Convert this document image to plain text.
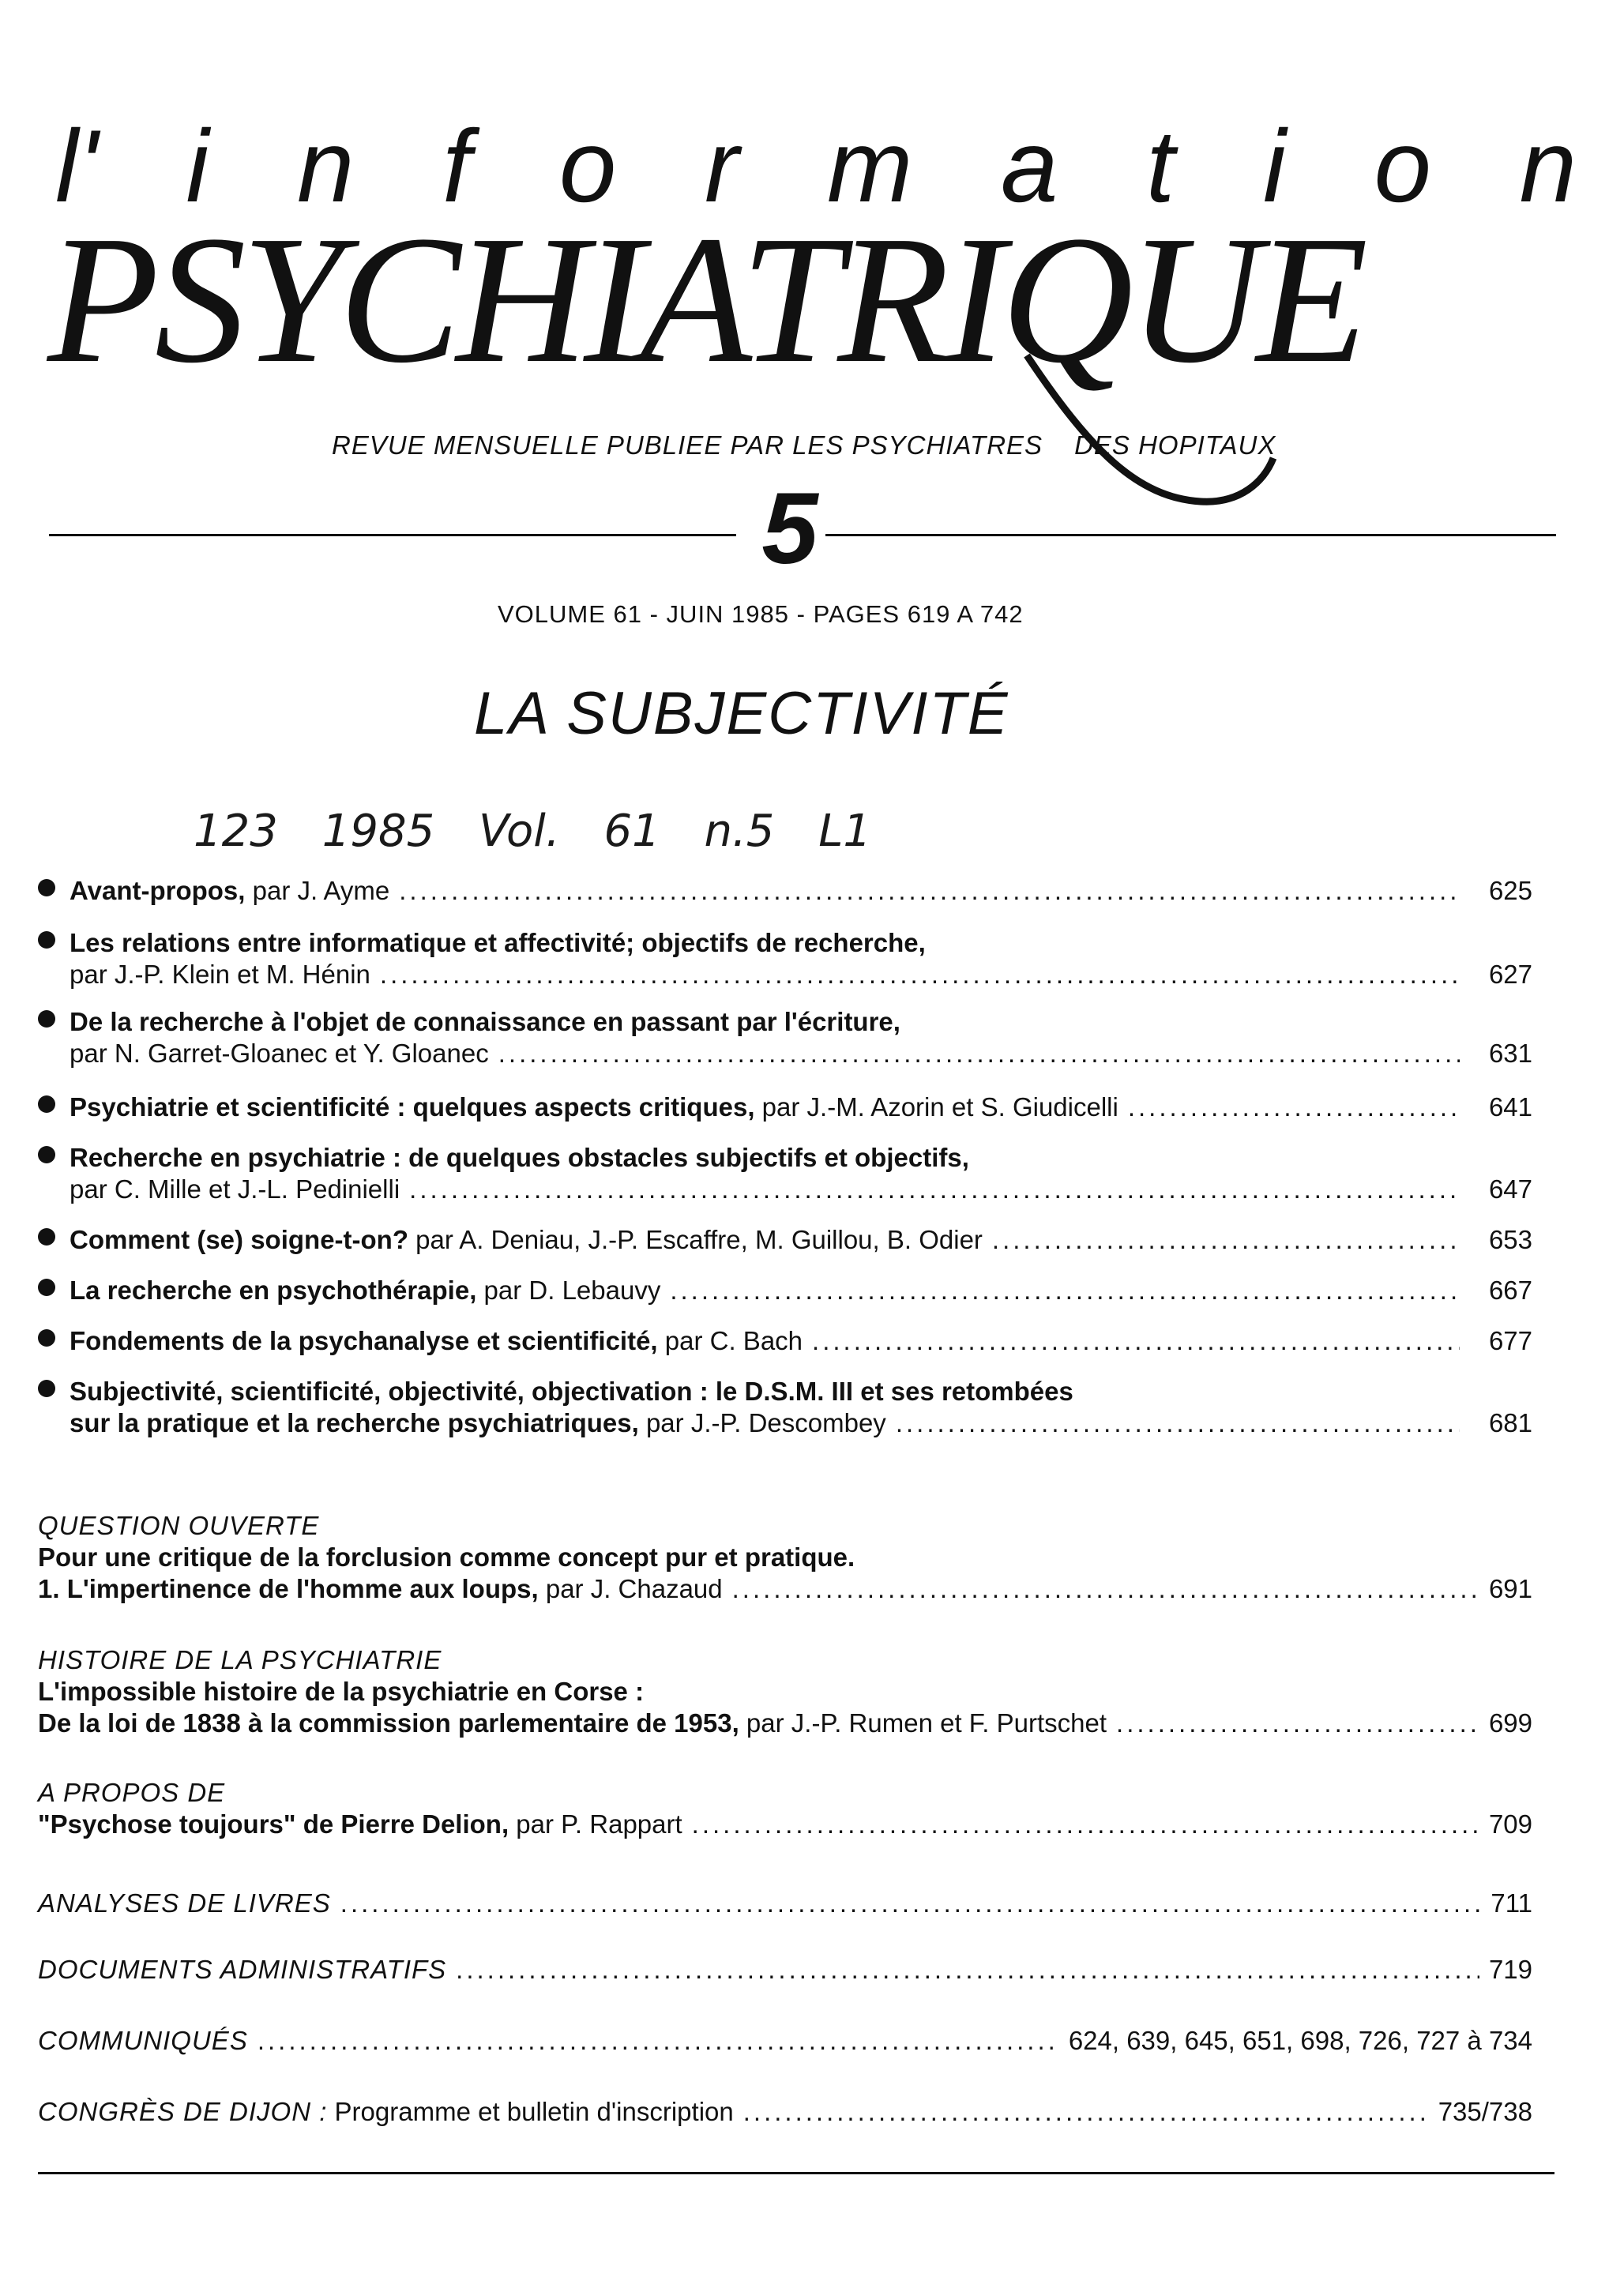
l' i n f o r m a t i o n
PSYCHIATRIQUE
REVUE MENSUELLE PUBLIEE PAR LES PSYCHIATRES DES HOPITAUX
5
VOLUME 61 - JUIN 1985 - PAGES 619 A 742
LA SUBJECTIVITÉ
123 1985 Vol. 61 n.5 L1
Avant-propos, par J. Ayme .....	625
Les relations entre informatique et affectivité; objectifs de recherche,
par J.-P. Klein et M. Hénin .....	627
De la recherche à l'objet de connaissance en passant par l'écriture,
par N. Garret-Gloanec et Y. Gloanec .....	631
Psychiatrie et scientificité : quelques aspects critiques, par J.-M. Azorin et S. Giudicelli .....	641
Recherche en psychiatrie : de quelques obstacles subjectifs et objectifs,
par C. Mille et J.-L. Pedinielli .....	647
Comment (se) soigne-t-on? par A. Deniau, J.-P. Escaffre, M. Guillou, B. Odier .....	653
La recherche en psychothérapie, par D. Lebauvy .....	667
Fondements de la psychanalyse et scientificité, par C. Bach .....	677
Subjectivité, scientificité, objectivité, objectivation : le D.S.M. III et ses retombées
sur la pratique et la recherche psychiatriques, par J.-P. Descombey .....	681
QUESTION OUVERTE
Pour une critique de la forclusion comme concept pur et pratique.
1. L'impertinence de l'homme aux loups, par J. Chazaud .....	691
HISTOIRE DE LA PSYCHIATRIE
L'impossible histoire de la psychiatrie en Corse :
De la loi de 1838 à la commission parlementaire de 1953, par J.-P. Rumen et F. Purtschet .....	699
A PROPOS DE
"Psychose toujours" de Pierre Delion, par P. Rappart .....	709
ANALYSES DE LIVRES .....	711
DOCUMENTS ADMINISTRATIFS .....	719
COMMUNIQUÉS .....	624, 639, 645, 651, 698, 726, 727 à 734
CONGRÈS DE DIJON : Programme et bulletin d'inscription .....	735/738
